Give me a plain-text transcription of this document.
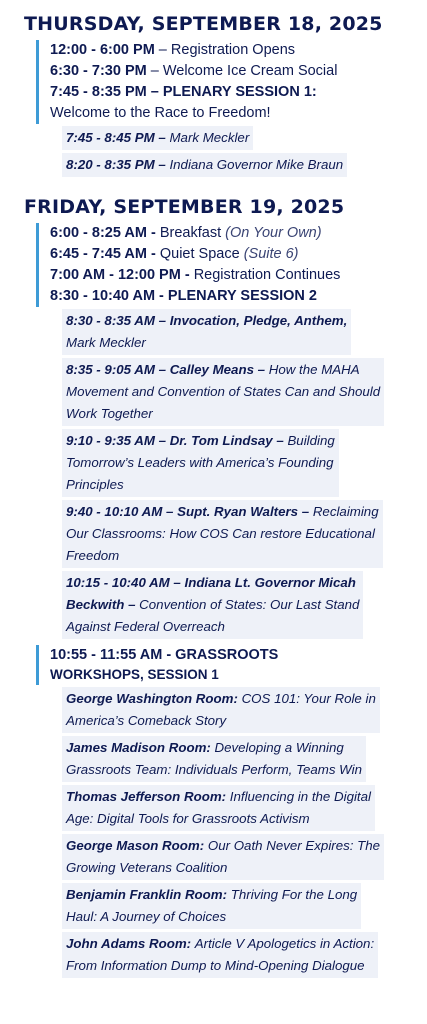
THURSDAY, SEPTEMBER 18, 2025
12:00 - 6:00 PM – Registration Opens
6:30 - 7:30 PM – Welcome Ice Cream Social
7:45 - 8:35 PM – PLENARY SESSION 1:
Welcome to the Race to Freedom!
7:45 - 8:45 PM – Mark Meckler
8:20 - 8:35 PM – Indiana Governor Mike Braun
FRIDAY, SEPTEMBER 19, 2025
6:00 - 8:25 AM - Breakfast (On Your Own)
6:45 - 7:45 AM - Quiet Space (Suite 6)
7:00 AM - 12:00 PM - Registration Continues
8:30 - 10:40 AM - PLENARY SESSION 2
8:30 - 8:35 AM – Invocation, Pledge, Anthem,
Mark Meckler
8:35 - 9:05 AM – Calley Means – How the MAHA
Movement and Convention of States Can and Should
Work Together
9:10 - 9:35 AM – Dr. Tom Lindsay – Building
Tomorrow’s Leaders with America’s Founding
Principles
9:40 - 10:10 AM – Supt. Ryan Walters – Reclaiming
Our Classrooms: How COS Can restore Educational
Freedom
10:15 - 10:40 AM – Indiana Lt. Governor Micah
Beckwith – Convention of States: Our Last Stand
Against Federal Overreach
10:55 - 11:55 AM - GRASSROOTS
WORKSHOPS, SESSION 1
George Washington Room: COS 101: Your Role in
America’s Comeback Story
James Madison Room: Developing a Winning
Grassroots Team: Individuals Perform, Teams Win
Thomas Jefferson Room: Influencing in the Digital
Age: Digital Tools for Grassroots Activism
George Mason Room: Our Oath Never Expires: The
Growing Veterans Coalition
Benjamin Franklin Room: Thriving For the Long
Haul: A Journey of Choices
John Adams Room: Article V Apologetics in Action:
From Information Dump to Mind-Opening Dialogue
